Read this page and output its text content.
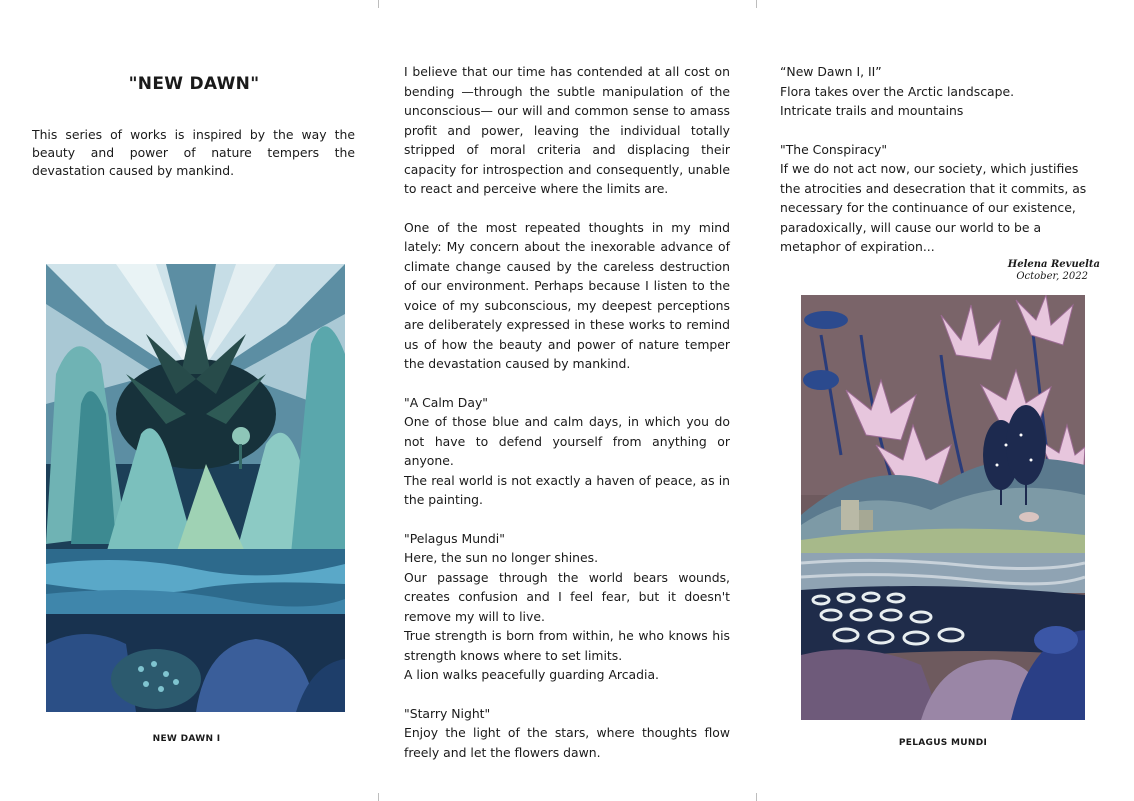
"NEW DAWN"
This series of works is inspired by the way the beauty and power of nature tempers the devastation caused by mankind.
NEW DAWN I

I believe that our time has contended at all cost on bending —through the subtle manipulation of the unconscious— our will and common sense to amass profit and power, leaving the individual totally stripped of moral criteria and displacing their capacity for introspection and consequently, unable to react and perceive where the limits are.

One of the most repeated thoughts in my mind lately: My concern about the inexorable advance of climate change caused by the careless destruction of our environment. Perhaps because I listen to the voice of my subconscious, my deepest perceptions are deliberately expressed in these works to remind us of how the beauty and power of nature temper the devastation caused by mankind.

"A Calm Day"
One of those blue and calm days, in which you do not have to defend yourself from anything or anyone.
The real world is not exactly a haven of peace, as in the painting.

"Pelagus Mundi"
Here, the sun no longer shines.
Our passage through the world bears wounds, creates confusion and I feel fear, but it doesn't remove my will to live.
True strength is born from within, he who knows his strength knows where to set limits.
A lion walks peacefully guarding Arcadia.

"Starry Night"
Enjoy the light of the stars, where thoughts flow freely and let the flowers dawn.

“New Dawn I, II”
Flora takes over the Arctic landscape.
Intricate trails and mountains

"The Conspiracy"
If we do not act now, our society, which justifies the atrocities and desecration that it commits, as necessary for the continuance of our existence, paradoxically, will cause our world to be a metaphor of expiration...

Helena Revuelta
October, 2022
PELAGUS MUNDI
